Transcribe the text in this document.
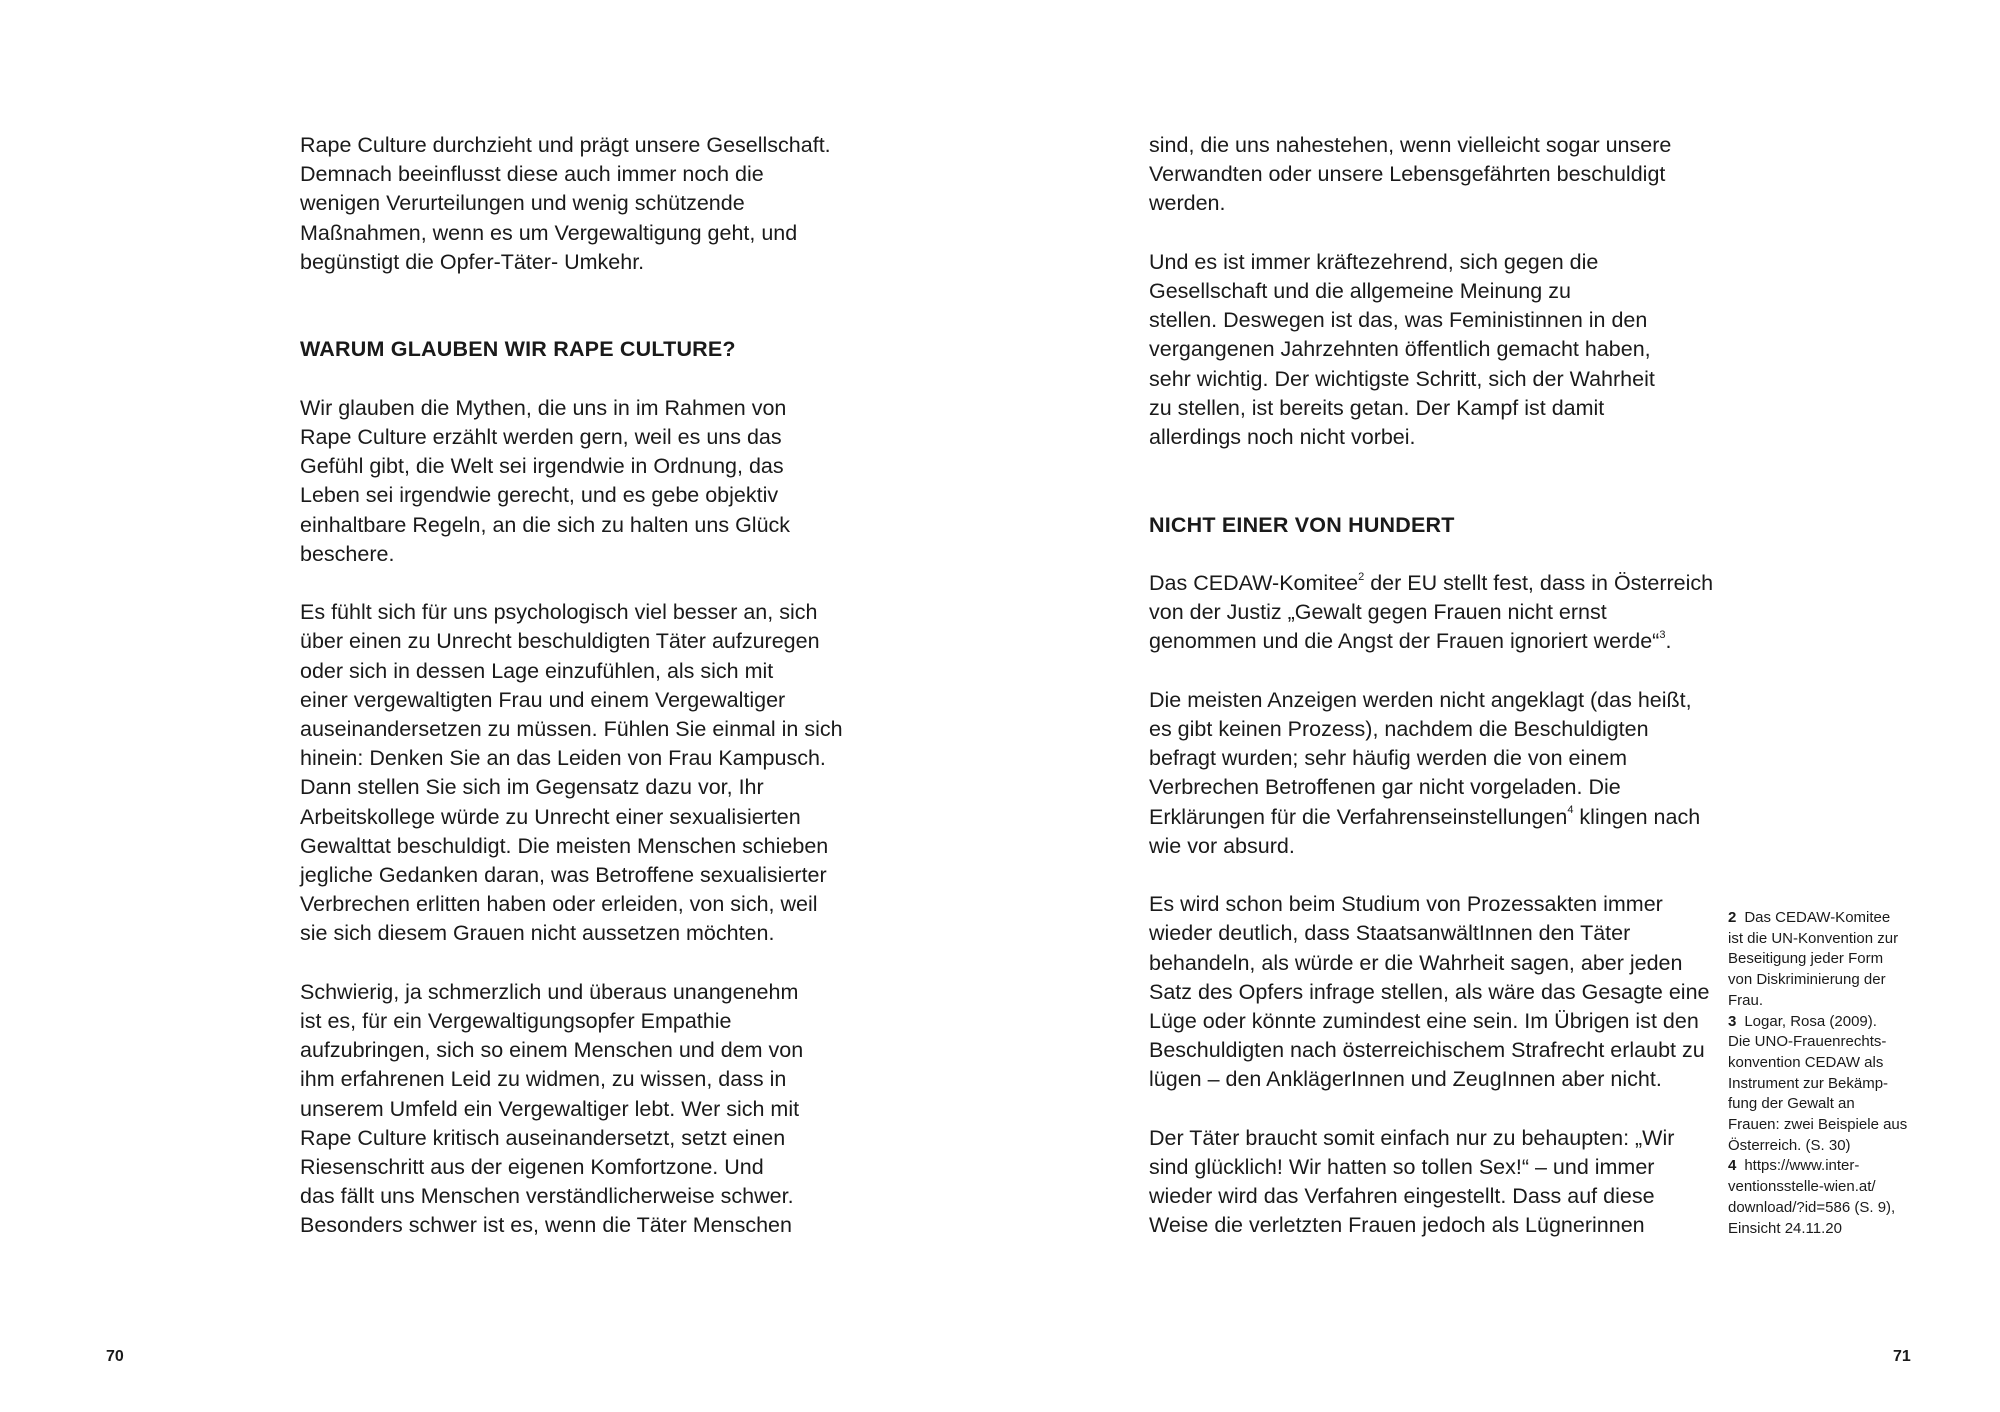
Rape Culture durchzieht und prägt unsere Gesellschaft.
Demnach beeinflusst diese auch immer noch die
wenigen Verurteilungen und wenig schützende
Maßnahmen, wenn es um Vergewaltigung geht, und
begünstigt die Opfer-Täter- Umkehr.

WARUM GLAUBEN WIR RAPE CULTURE?

Wir glauben die Mythen, die uns in im Rahmen von
Rape Culture erzählt werden gern, weil es uns das
Gefühl gibt, die Welt sei irgendwie in Ordnung, das
Leben sei irgendwie gerecht, und es gebe objektiv
einhaltbare Regeln, an die sich zu halten uns Glück
beschere.

Es fühlt sich für uns psychologisch viel besser an, sich
über einen zu Unrecht beschuldigten Täter aufzuregen
oder sich in dessen Lage einzufühlen, als sich mit
einer vergewaltigten Frau und einem Vergewaltiger
auseinandersetzen zu müssen. Fühlen Sie einmal in sich
hinein: Denken Sie an das Leiden von Frau Kampusch.
Dann stellen Sie sich im Gegensatz dazu vor, Ihr
Arbeitskollege würde zu Unrecht einer sexualisierten
Gewalttat beschuldigt. Die meisten Menschen schieben
jegliche Gedanken daran, was Betroffene sexualisierter
Verbrechen erlitten haben oder erleiden, von sich, weil
sie sich diesem Grauen nicht aussetzen möchten.

Schwierig, ja schmerzlich und überaus unangenehm
ist es, für ein Vergewaltigungsopfer Empathie
aufzubringen, sich so einem Menschen und dem von
ihm erfahrenen Leid zu widmen, zu wissen, dass in
unserem Umfeld ein Vergewaltiger lebt. Wer sich mit
Rape Culture kritisch auseinandersetzt, setzt einen
Riesenschritt aus der eigenen Komfortzone. Und
das fällt uns Menschen verständlicherweise schwer.
Besonders schwer ist es, wenn die Täter Menschen

70

sind, die uns nahestehen, wenn vielleicht sogar unsere
Verwandten oder unsere Lebensgefährten beschuldigt
werden.

Und es ist immer kräftezehrend, sich gegen die
Gesellschaft und die allgemeine Meinung zu
stellen. Deswegen ist das, was Feministinnen in den
vergangenen Jahrzehnten öffentlich gemacht haben,
sehr wichtig. Der wichtigste Schritt, sich der Wahrheit
zu stellen, ist bereits getan. Der Kampf ist damit
allerdings noch nicht vorbei.

NICHT EINER VON HUNDERT

Das CEDAW-Komitee$^2$ der EU stellt fest, dass in Österreich
von der Justiz „Gewalt gegen Frauen nicht ernst
genommen und die Angst der Frauen ignoriert werde“$^3$.

Die meisten Anzeigen werden nicht angeklagt (das heißt,
es gibt keinen Prozess), nachdem die Beschuldigten
befragt wurden; sehr häufig werden die von einem
Verbrechen Betroffenen gar nicht vorgeladen. Die
Erklärungen für die Verfahrenseinstellungen$^4$ klingen nach
wie vor absurd.

Es wird schon beim Studium von Prozessakten immer
wieder deutlich, dass StaatsanwältInnen den Täter
behandeln, als würde er die Wahrheit sagen, aber jeden
Satz des Opfers infrage stellen, als wäre das Gesagte eine
Lüge oder könnte zumindest eine sein. Im Übrigen ist den
Beschuldigten nach österreichischem Strafrecht erlaubt zu
lügen – den AnklägerInnen und ZeugInnen aber nicht.

Der Täter braucht somit einfach nur zu behaupten: „Wir
sind glücklich! Wir hatten so tollen Sex!“ – und immer
wieder wird das Verfahren eingestellt. Dass auf diese
Weise die verletzten Frauen jedoch als Lügnerinnen

2 Das CEDAW-Komitee
ist die UN-Konvention zur
Beseitigung jeder Form
von Diskriminierung der
Frau.
3 Logar, Rosa (2009).
Die UNO-Frauenrechts-
konvention CEDAW als
Instrument zur Bekämp-
fung der Gewalt an
Frauen: zwei Beispiele aus
Österreich. (S. 30)
4 https://www.inter-
ventionsstelle-wien.at/
download/?id=586 (S. 9),
Einsicht 24.11.20
71
